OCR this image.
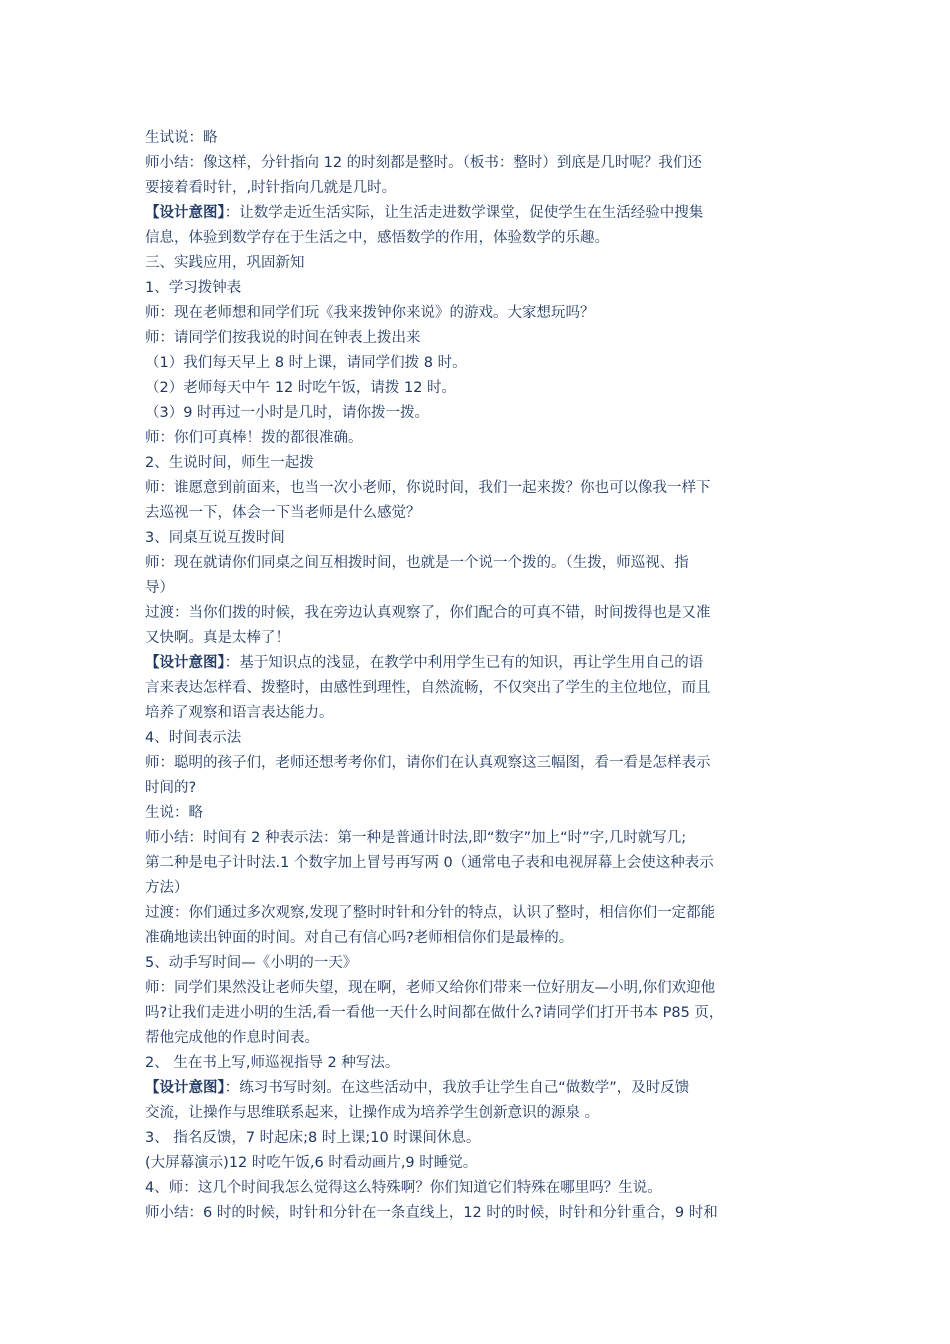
生试说：略
师小结：像这样，分针指向 12 的时刻都是整时。（板书：整时）到底是几时呢？我们还
要接着看时针，,时针指向几就是几时。
【设计意图】：让数学走近生活实际，让生活走进数学课堂，促使学生在生活经验中搜集
信息，体验到数学存在于生活之中，感悟数学的作用，体验数学的乐趣。
三、实践应用，巩固新知
1、学习拨钟表
师：现在老师想和同学们玩《我来拨钟你来说》的游戏。大家想玩吗？
师：请同学们按我说的时间在钟表上拨出来
（1）我们每天早上 8 时上课，请同学们拨 8 时。
（2）老师每天中午 12 时吃午饭，请拨 12 时。
（3）9 时再过一小时是几时，请你拨一拨。
师：你们可真棒！拨的都很准确。
2、生说时间，师生一起拨
师：谁愿意到前面来，也当一次小老师，你说时间，我们一起来拨？你也可以像我一样下
去巡视一下，体会一下当老师是什么感觉？
3、同桌互说互拨时间
师：现在就请你们同桌之间互相拨时间，也就是一个说一个拨的。（生拨，师巡视、指
导）
过渡：当你们拨的时候，我在旁边认真观察了，你们配合的可真不错，时间拨得也是又准
又快啊。真是太棒了！
【设计意图】：基于知识点的浅显，在教学中利用学生已有的知识，再让学生用自己的语
言来表达怎样看、拨整时，由感性到理性，自然流畅，不仅突出了学生的主位地位，而且
培养了观察和语言表达能力。
4、时间表示法
师：聪明的孩子们，老师还想考考你们，请你们在认真观察这三幅图，看一看是怎样表示
时间的?
生说：略
师小结：时间有 2 种表示法：第一种是普通计时法,即“数字”加上“时”字,几时就写几;
第二种是电子计时法.1 个数字加上冒号再写两 0（通常电子表和电视屏幕上会使这种表示
方法）
过渡：你们通过多次观察,发现了整时时针和分针的特点，认识了整时，相信你们一定都能
准确地读出钟面的时间。对自己有信心吗?老师相信你们是最棒的。
5、动手写时间—《小明的一天》
师：同学们果然没让老师失望，现在啊，老师又给你们带来一位好朋友—小明,你们欢迎他
吗?让我们走进小明的生活,看一看他一天什么时间都在做什么?请同学们打开书本 P85 页，
帮他完成他的作息时间表。
2、 生在书上写,师巡视指导 2 种写法。
【设计意图】：练习书写时刻。在这些活动中，我放手让学生自己“做数学”，及时反馈
交流，让操作与思维联系起来，让操作成为培养学生创新意识的源泉 。
3、 指名反馈，7 时起床;8 时上课;10 时课间休息。
(大屏幕演示)12 时吃午饭,6 时看动画片,9 时睡觉。
4、师：这几个时间我怎么觉得这么特殊啊？你们知道它们特殊在哪里吗？生说。
师小结：6 时的时候，时针和分针在一条直线上，12 时的时候，时针和分针重合，9 时和
